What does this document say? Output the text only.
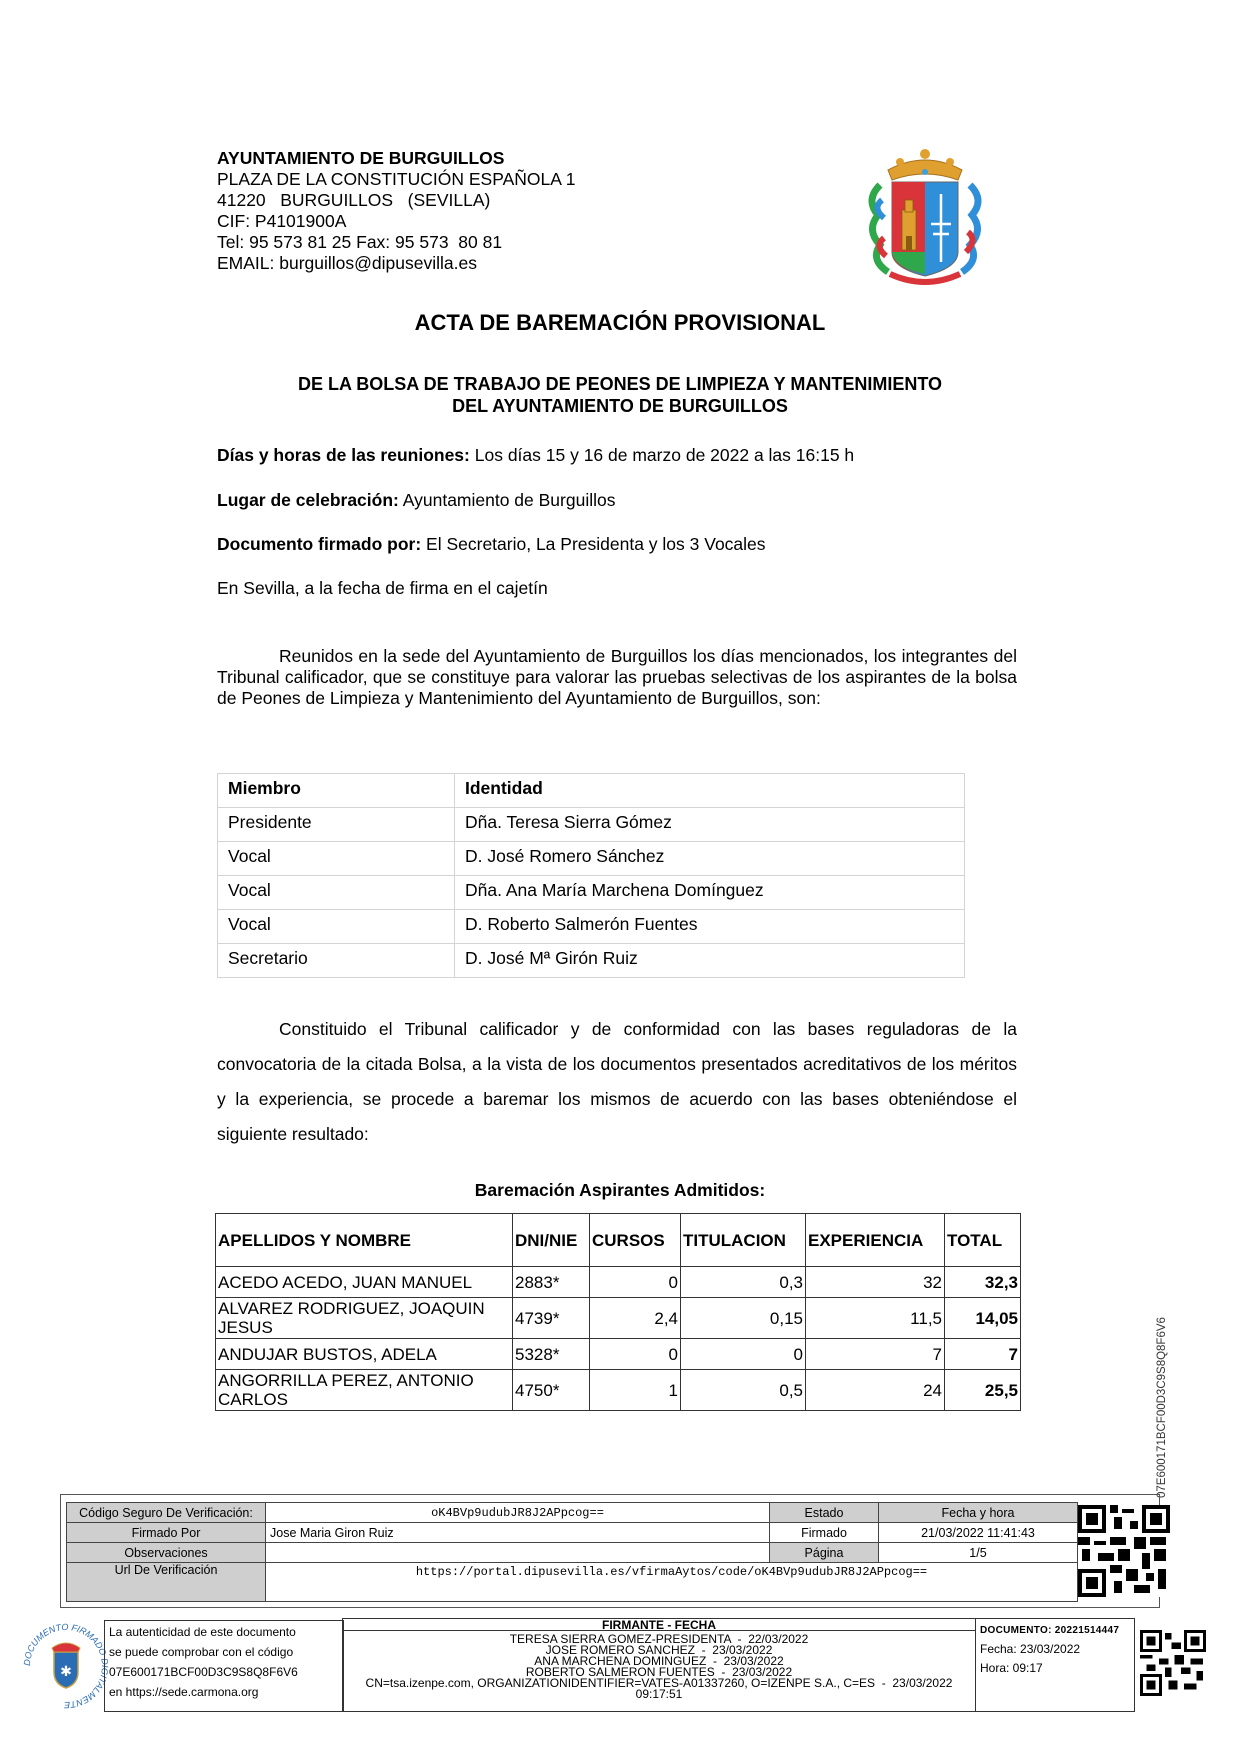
AYUNTAMIENTO DE BURGUILLOS
PLAZA DE LA CONSTITUCIÓN ESPAÑOLA 1
41220   BURGUILLOS   (SEVILLA)
CIF: P4101900A
Tel: 95 573 81 25 Fax: 95 573  80 81
EMAIL: burguillos@dipusevilla.es
ACTA DE BAREMACIÓN PROVISIONAL
DE LA BOLSA DE TRABAJO DE PEONES DE LIMPIEZA Y MANTENIMIENTO
DEL AYUNTAMIENTO DE BURGUILLOS
Días y horas de las reuniones: Los días 15 y 16 de marzo de 2022 a las 16:15 h
Lugar de celebración: Ayuntamiento de Burguillos
Documento firmado por: El Secretario, La Presidenta y los 3 Vocales
En Sevilla, a la fecha de firma en el cajetín

Reunidos en la sede del Ayuntamiento de Burguillos los días mencionados, los integrantes del Tribunal calificador, que se constituye para valorar las pruebas selectivas de los aspirantes de la bolsa de Peones de Limpieza y Mantenimiento del Ayuntamiento de Burguillos, son:

Miembro	Identidad
Presidente	Dña. Teresa Sierra Gómez
Vocal	D. José Romero Sánchez
Vocal	Dña. Ana María Marchena Domínguez
Vocal	D. Roberto Salmerón Fuentes
Secretario	D. José Mª Girón Ruiz

Constituido el Tribunal calificador y de conformidad con las bases reguladoras de la convocatoria de la citada Bolsa, a la vista de los documentos presentados acreditativos de los méritos y la experiencia, se procede a baremar los mismos de acuerdo con las bases obteniéndose el siguiente resultado:

Baremación Aspirantes Admitidos:
APELLIDOS Y NOMBRE	DNI/NIE	CURSOS	TITULACION	EXPERIENCIA	TOTAL
ACEDO ACEDO, JUAN MANUEL	2883*	0	0,3	32	32,3
ALVAREZ RODRIGUEZ, JOAQUIN JESUS	4739*	2,4	0,15	11,5	14,05
ANDUJAR BUSTOS, ADELA	5328*	0	0	7	7
ANGORRILLA PEREZ, ANTONIO CARLOS	4750*	1	0,5	24	25,5	07E600171BCF00D3C9S8Q8F6V6
Código Seguro De Verificación:	oK4BVp9udubJR8J2APpcog==	Estado	Fecha y hora
Firmado Por	Jose Maria Giron Ruiz	Firmado	21/03/2022 11:41:43
Observaciones		Página	1/5
Url De Verificación	https://portal.dipusevilla.es/vfirmaAytos/code/oK4BVp9udubJR8J2APpcog==		
DOCUMENTO FIRMADO DIGITALMENTE
✱
La autenticidad de este documento
se puede comprobar con el código
07E600171BCF00D3C9S8Q8F6V6
en https://sede.carmona.org
FIRMANTE - FECHA
TERESA SIERRA GOMEZ-PRESIDENTA  -  22/03/2022
JOSE ROMERO SANCHEZ  -  23/03/2022
ANA MARCHENA DOMINGUEZ  -  23/03/2022
ROBERTO SALMERON FUENTES  -  23/03/2022
CN=tsa.izenpe.com, ORGANIZATIONIDENTIFIER=VATES-A01337260, O=IZENPE S.A., C=ES  -  23/03/2022
09:17:51
DOCUMENTO: 20221514447
Fecha: 23/03/2022
Hora: 09:17
